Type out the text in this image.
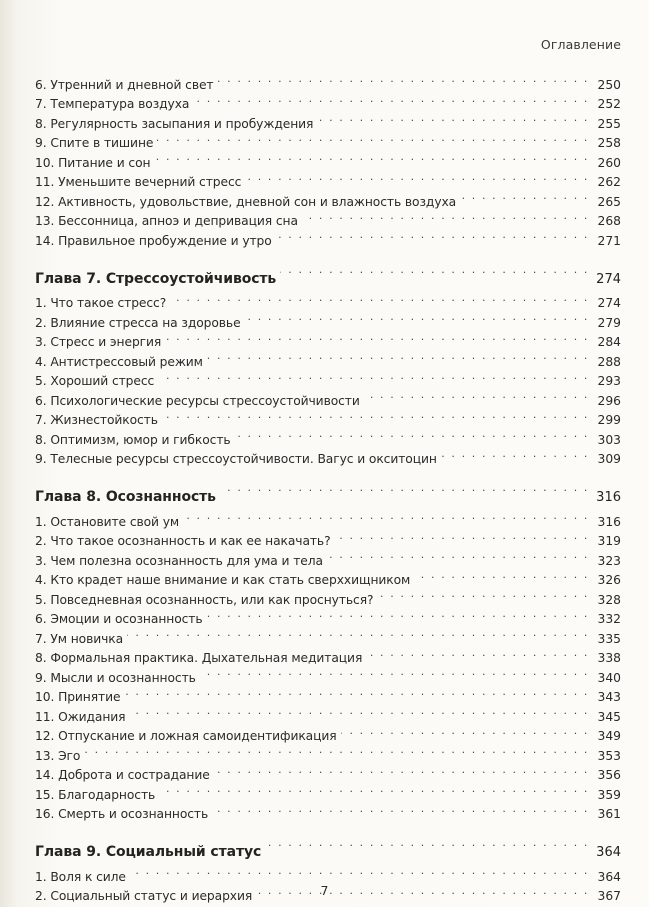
Оглавление
6. Утренний и дневной свет . . .	250
7. Температура воздуха . . .	252
8. Регулярность засыпания и пробуждения . . .	255
9. Спите в тишине . . .	258
10. Питание и сон . . .	260
11. Уменьшите вечерний стресс . . .	262
12. Активность, удовольствие, дневной сон и влажность воздуха . . .	265
13. Бессонница, апноэ и депривация сна . . .	268
14. Правильное пробуждение и утро . . .	271
Глава 7. Стрессоустойчивость . . .	274
1. Что такое стресс? . . .	274
2. Влияние стресса на здоровье . . .	279
3. Стресс и энергия . . .	284
4. Антистрессовый режим . . .	288
5. Хороший стресс . . .	293
6. Психологические ресурсы стрессоустойчивости . . .	296
7. Жизнестойкость . . .	299
8. Оптимизм, юмор и гибкость . . .	303
9. Телесные ресурсы стрессоустойчивости. Вагус и окситоцин . . .	309
Глава 8. Осознанность . . .	316
1. Остановите свой ум . . .	316
2. Что такое осознанность и как ее накачать? . . .	319
3. Чем полезна осознанность для ума и тела . . .	323
4. Кто крадет наше внимание и как стать сверххищником . . .	326
5. Повседневная осознанность, или как проснуться? . . .	328
6. Эмоции и осознанность . . .	332
7. Ум новичка . . .	335
8. Формальная практика. Дыхательная медитация . . .	338
9. Мысли и осознанность . . .	340
10. Принятие . . .	343
11. Ожидания . . .	345
12. Отпускание и ложная самоидентификация . . .	349
13. Эго . . .	353
14. Доброта и сострадание . . .	356
15. Благодарность . . .	359
16. Смерть и осознанность . . .	361
Глава 9. Социальный статус . . .	364
1. Воля к силе . . .	364
2. Социальный статус и иерархия . . .	367
7
